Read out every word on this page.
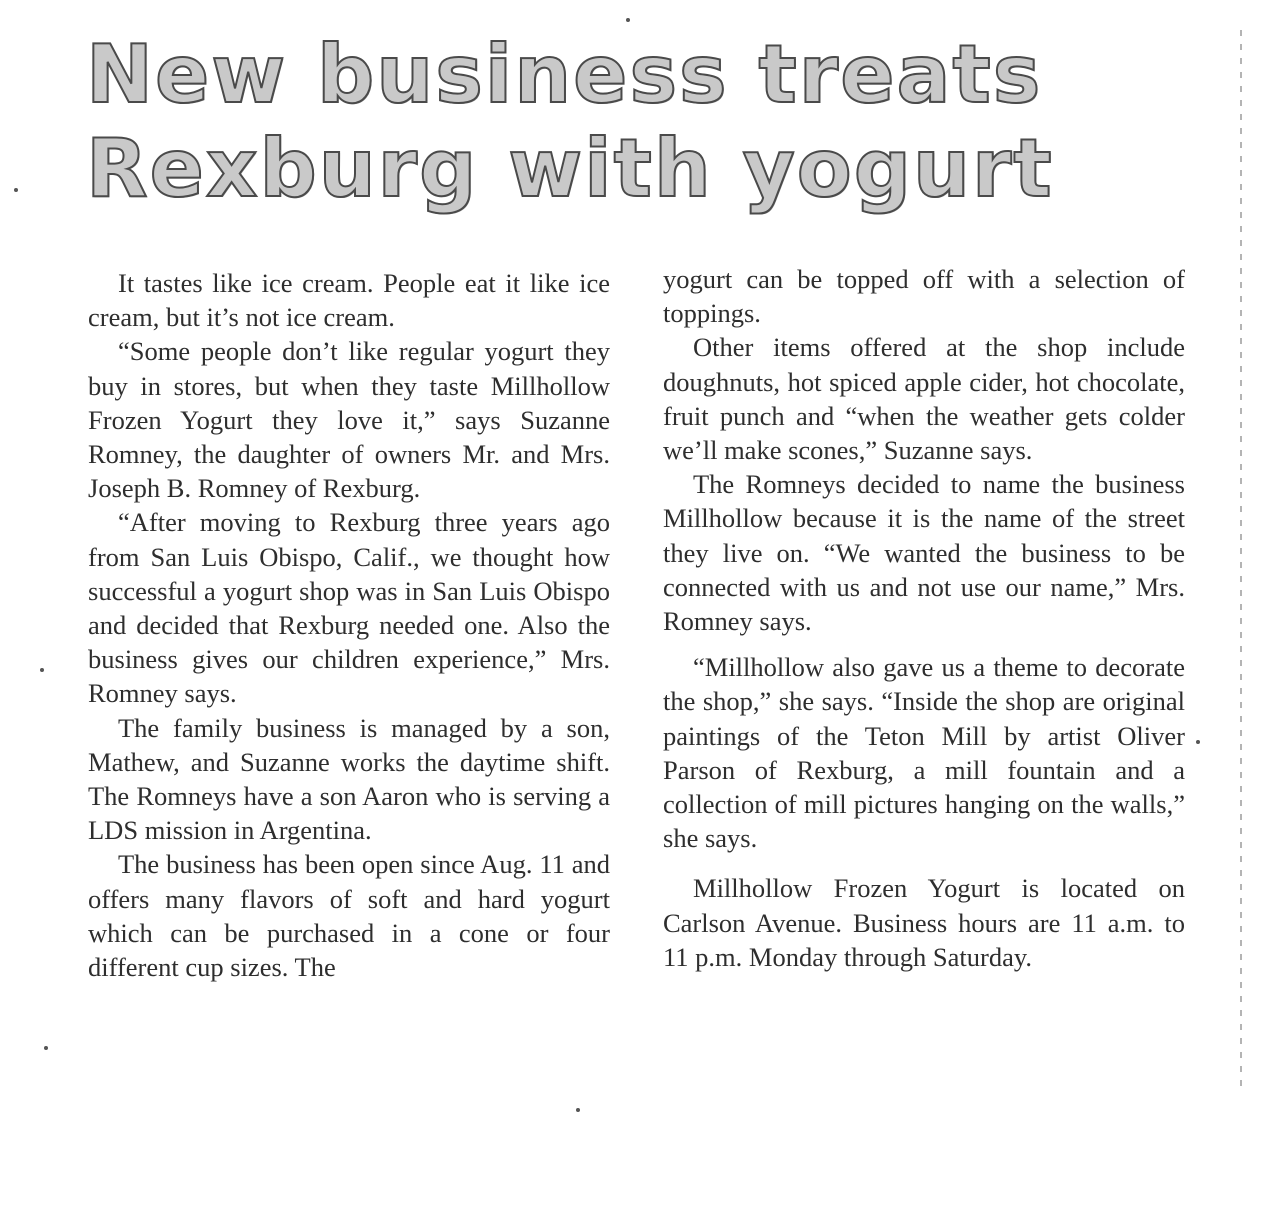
New business treats
Rexburg with yogurt

It tastes like ice cream. People eat it like ice cream, but it’s not ice cream.

“Some people don’t like regular yogurt they buy in stores, but when they taste Millhollow Frozen Yogurt they love it,” says Suzanne Romney, the daughter of owners Mr. and Mrs. Joseph B. Romney of Rexburg.

“After moving to Rexburg three years ago from San Luis Obispo, Calif., we thought how successful a yogurt shop was in San Luis Obispo and decided that Rexburg needed one. Also the business gives our children experience,” Mrs. Romney says.

The family business is managed by a son, Mathew, and Suzanne works the daytime shift. The Romneys have a son Aaron who is serving a LDS mission in Argentina.

The business has been open since Aug. 11 and offers many flavors of soft and hard yogurt which can be purchased in a cone or four different cup sizes. The

yogurt can be topped off with a selection of toppings.

Other items offered at the shop include doughnuts, hot spiced apple cider, hot chocolate, fruit punch and “when the weather gets colder we’ll make scones,” Suzanne says.

The Romneys decided to name the business Millhollow because it is the name of the street they live on. “We wanted the business to be connected with us and not use our name,” Mrs. Romney says.

“Millhollow also gave us a theme to decorate the shop,” she says. “Inside the shop are original paintings of the Teton Mill by artist Oliver Parson of Rexburg, a mill fountain and a collection of mill pictures hanging on the walls,” she says.

Millhollow Frozen Yogurt is located on Carlson Avenue. Business hours are 11 a.m. to 11 p.m. Monday through Saturday.
